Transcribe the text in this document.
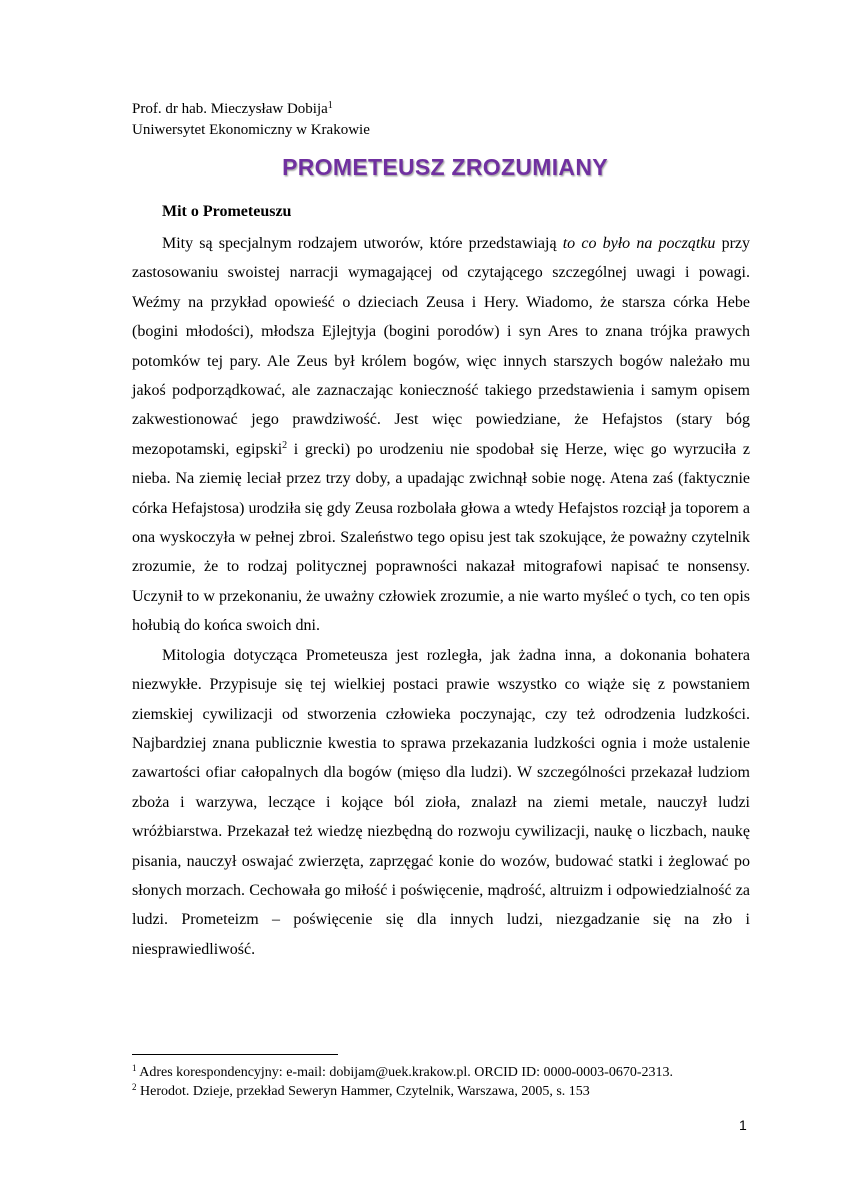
Prof. dr hab. Mieczysław Dobija$^1$
Uniwersytet Ekonomiczny w Krakowie
PROMETEUSZ ZROZUMIANY
Mit o Prometeuszu

Mity są specjalnym rodzajem utworów, które przedstawiają to co było na początku przy zastosowaniu swoistej narracji wymagającej od czytającego szczególnej uwagi i powagi. Weźmy na przykład opowieść o dzieciach Zeusa i Hery. Wiadomo, że starsza córka Hebe (bogini młodości), młodsza Ejlejtyja (bogini porodów) i syn Ares to znana trójka prawych potomków tej pary. Ale Zeus był królem bogów, więc innych starszych bogów należało mu jakoś podporządkować, ale zaznaczając konieczność takiego przedstawienia i samym opisem zakwestionować jego prawdziwość. Jest więc powiedziane, że Hefajstos (stary bóg mezopotamski, egipski$^2$ i grecki) po urodzeniu nie spodobał się Herze, więc go wyrzuciła z nieba. Na ziemię leciał przez trzy doby, a upadając zwichnął sobie nogę. Atena zaś (faktycznie córka Hefajstosa) urodziła się gdy Zeusa rozbolała głowa a wtedy Hefajstos rozciął ja toporem a ona wyskoczyła w pełnej zbroi. Szaleństwo tego opisu jest tak szokujące, że poważny czytelnik zrozumie, że to rodzaj politycznej poprawności nakazał mitografowi napisać te nonsensy. Uczynił to w przekonaniu, że uważny człowiek zrozumie, a nie warto myśleć o tych, co ten opis hołubią do końca swoich dni.

Mitologia dotycząca Prometeusza jest rozległa, jak żadna inna, a dokonania bohatera niezwykłe. Przypisuje się tej wielkiej postaci prawie wszystko co wiąże się z powstaniem ziemskiej cywilizacji od stworzenia człowieka poczynając, czy też odrodzenia ludzkości. Najbardziej znana publicznie kwestia to sprawa przekazania ludzkości ognia i może ustalenie zawartości ofiar całopalnych dla bogów (mięso dla ludzi). W szczególności przekazał ludziom zboża i warzywa, leczące i kojące ból zioła, znalazł na ziemi metale, nauczył ludzi wróżbiarstwa. Przekazał też wiedzę niezbędną do rozwoju cywilizacji, naukę o liczbach, naukę pisania, nauczył oswajać zwierzęta, zaprzęgać konie do wozów, budować statki i żeglować po słonych morzach. Cechowała go miłość i poświęcenie, mądrość, altruizm i odpowiedzialność za ludzi. Prometeizm – poświęcenie się dla innych ludzi, niezgadzanie się na zło i niesprawiedliwość.

$^1$ Adres korespondencyjny: e-mail: dobijam@uek.krakow.pl. ORCID ID: 0000-0003-0670-2313.
$^2$ Herodot. Dzieje, przekład Seweryn Hammer, Czytelnik, Warszawa, 2005, s. 153
1
